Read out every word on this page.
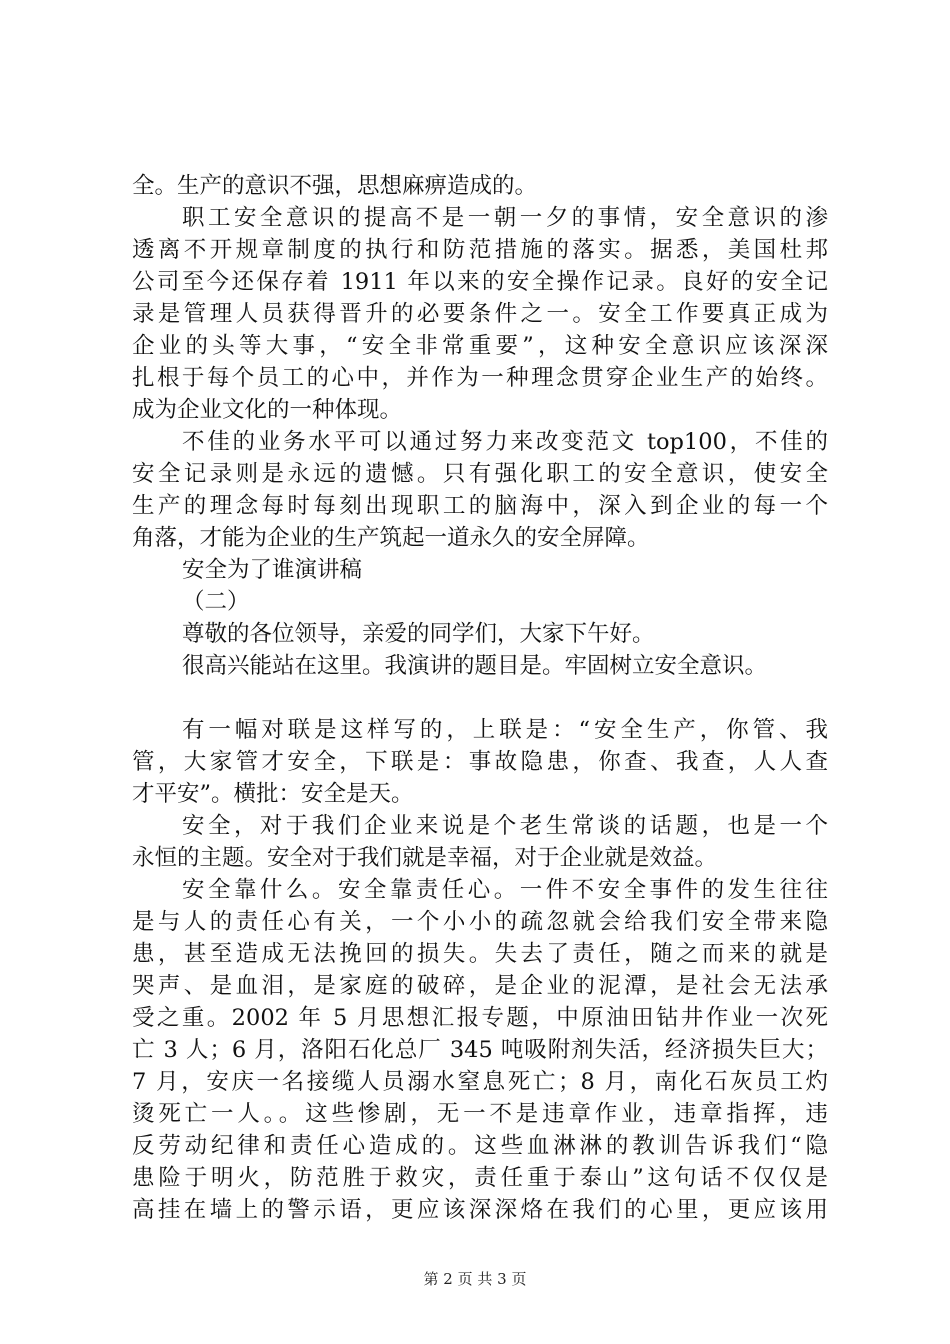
全。生产的意识不强，思想麻痹造成的。
职工安全意识的提高不是一朝一夕的事情，安全意识的渗
透离不开规章制度的执行和防范措施的落实。据悉，美国杜邦
公司至今还保存着 1911 年以来的安全操作记录。良好的安全记
录是管理人员获得晋升的必要条件之一。安全工作要真正成为
企业的头等大事，“安全非常重要”，这种安全意识应该深深
扎根于每个员工的心中，并作为一种理念贯穿企业生产的始终。
成为企业文化的一种体现。
不佳的业务水平可以通过努力来改变范文 top100，不佳的
安全记录则是永远的遗憾。只有强化职工的安全意识，使安全
生产的理念每时每刻出现职工的脑海中，深入到企业的每一个
角落，才能为企业的生产筑起一道永久的安全屏障。
安全为了谁演讲稿
（二）
尊敬的各位领导，亲爱的同学们，大家下午好。
很高兴能站在这里。我演讲的题目是。牢固树立安全意识。
有一幅对联是这样写的，上联是：“安全生产，你管、我
管，大家管才安全，下联是：事故隐患，你查、我查，人人查
才平安”。横批：安全是天。
安全，对于我们企业来说是个老生常谈的话题，也是一个
永恒的主题。安全对于我们就是幸福，对于企业就是效益。
安全靠什么。安全靠责任心。一件不安全事件的发生往往
是与人的责任心有关，一个小小的疏忽就会给我们安全带来隐
患，甚至造成无法挽回的损失。失去了责任，随之而来的就是
哭声、是血泪，是家庭的破碎，是企业的泥潭，是社会无法承
受之重。2002 年 5 月思想汇报专题，中原油田钻井作业一次死
亡 3 人；6 月，洛阳石化总厂 345 吨吸附剂失活，经济损失巨大；
7 月，安庆一名接缆人员溺水窒息死亡；8 月，南化石灰员工灼
烫死亡一人。。这些惨剧，无一不是违章作业，违章指挥，违
反劳动纪律和责任心造成的。这些血淋淋的教训告诉我们“隐
患险于明火，防范胜于救灾，责任重于泰山”这句话不仅仅是
高挂在墙上的警示语，更应该深深烙在我们的心里，更应该用
第 2 页 共 3 页
